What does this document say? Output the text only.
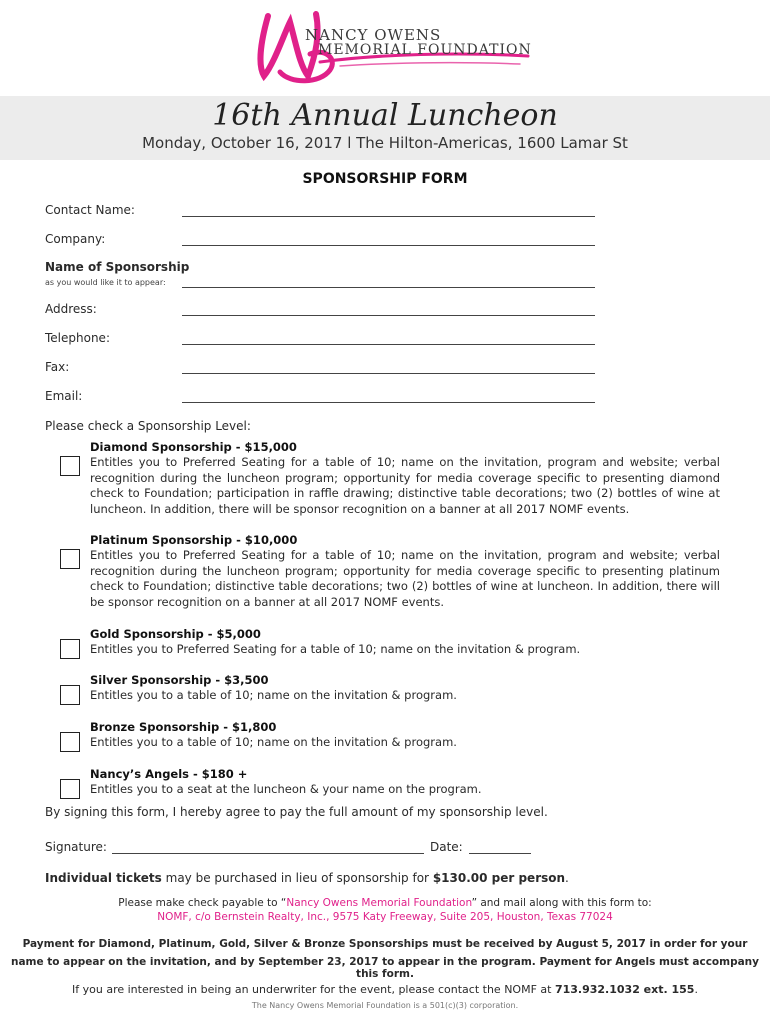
NANCY OWENS
MEMORIAL FOUNDATION
16th Annual Luncheon
Monday, October 16, 2017 l The Hilton-Americas, 1600 Lamar St
SPONSORSHIP FORM
Contact Name:
Company:
Name of Sponsorship
as you would like it to appear:
Address:
Telephone:
Fax:
Email:
Please check a Sponsorship Level:
Diamond Sponsorship - $15,000
Entitles you to Preferred Seating for a table of 10; name on the invitation, program and website; verbal recognition during the luncheon program; opportunity for media coverage specific to presenting diamond check to Foundation; participation in raffle drawing; distinctive table decorations; two (2) bottles of wine at luncheon. In addition, there will be sponsor recognition on a banner at all 2017 NOMF events.
Platinum Sponsorship - $10,000
Entitles you to Preferred Seating for a table of 10; name on the invitation, program and website; verbal recognition during the luncheon program; opportunity for media coverage specific to presenting platinum check to Foundation; distinctive table decorations; two (2) bottles of wine at luncheon. In addition, there will be sponsor recognition on a banner at all 2017 NOMF events.
Gold Sponsorship - $5,000
Entitles you to Preferred Seating for a table of 10; name on the invitation & program.
Silver Sponsorship - $3,500
Entitles you to a table of 10; name on the invitation & program.
Bronze Sponsorship - $1,800
Entitles you to a table of 10; name on the invitation & program.
Nancy’s Angels - $180 +
Entitles you to a seat at the luncheon & your name on the program.
By signing this form, I hereby agree to pay the full amount of my sponsorship level.
Signature:	Date:
Individual tickets may be purchased in lieu of sponsorship for $130.00 per person.
Please make check payable to “Nancy Owens Memorial Foundation” and mail along with this form to:
NOMF, c/o Bernstein Realty, Inc., 9575 Katy Freeway, Suite 205, Houston, Texas 77024
Payment for Diamond, Platinum, Gold, Silver & Bronze Sponsorships must be received by August 5, 2017 in order for your
name to appear on the invitation, and by September 23, 2017 to appear in the program. Payment for Angels must accompany this form.
If you are interested in being an underwriter for the event, please contact the NOMF at 713.932.1032 ext. 155.
The Nancy Owens Memorial Foundation is a 501(c)(3) corporation.
